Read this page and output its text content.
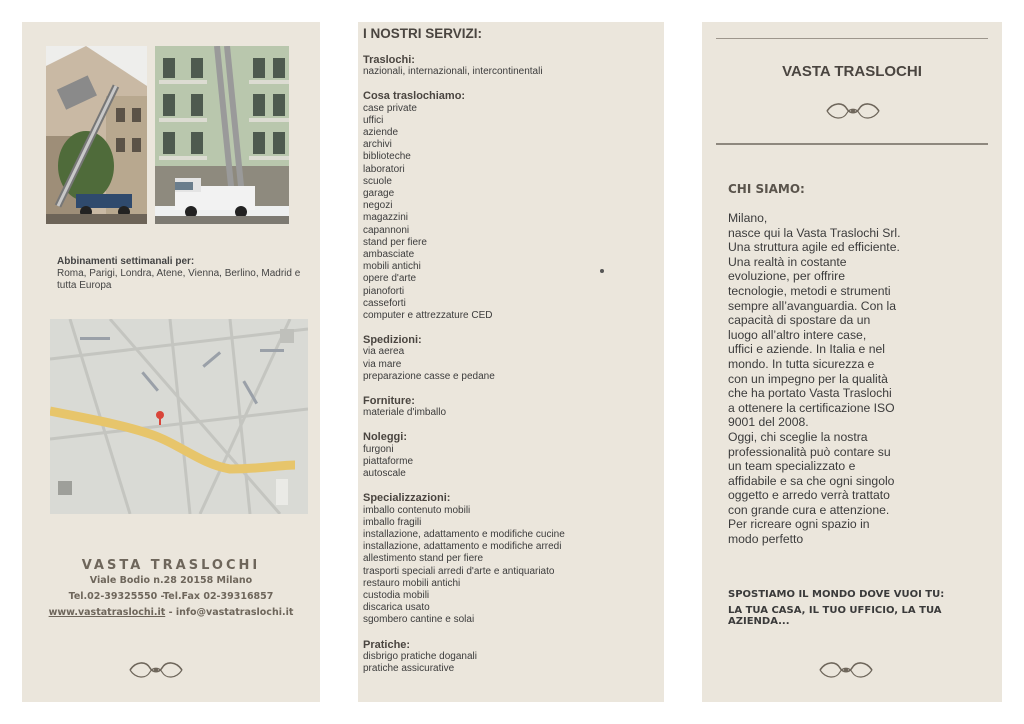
Abbinamenti settimanali per:
Roma, Parigi, Londra, Atene, Vienna, Berlino, Madrid e tutta Europa
VASTA TRASLOCHI
Viale Bodio n.28 20158 Milano
Tel.02-39325550 -Tel.Fax 02-39316857
www.vastatraslochi.it - info@vastatraslochi.it
I NOSTRI SERVIZI:
Traslochi:
nazionali, internazionali, intercontinentali
Cosa traslochiamo:
case private
uffici
aziende
archivi
biblioteche
laboratori
scuole
garage
negozi
magazzini
capannoni
stand per fiere
ambasciate
mobili antichi
opere d'arte
pianoforti
casseforti
computer e attrezzature CED
Spedizioni:
via aerea
via mare
preparazione casse e pedane
Forniture:
materiale d'imballo
Noleggi:
furgoni
piattaforme
autoscale
Specializzazioni:
imballo contenuto mobili
imballo fragili
installazione, adattamento e modifiche cucine
installazione, adattamento e modifiche arredi
allestimento stand per fiere
trasporti speciali arredi d'arte e antiquariato
restauro mobili antichi
custodia mobili
discarica usato
sgombero cantine e solai
Pratiche:
disbrigo pratiche doganali
pratiche assicurative
VASTA TRASLOCHI
CHI SIAMO:
Milano,
nasce qui la Vasta Traslochi Srl.
Una struttura agile ed efficiente.
Una realtà in costante
evoluzione, per offrire
tecnologie, metodi e strumenti
sempre all’avanguardia. Con la
capacità di spostare da un
luogo all’altro intere case,
uffici e aziende. In Italia e nel
mondo. In tutta sicurezza e
con un impegno per la qualità
che ha portato Vasta Traslochi
a ottenere la certificazione ISO
9001 del 2008.
Oggi, chi sceglie la nostra
professionalità può contare su
un team specializzato e
affidabile e sa che ogni singolo
oggetto e arredo verrà trattato
con grande cura e attenzione.
Per ricreare ogni spazio in
modo perfetto
SPOSTIAMO IL MONDO DOVE VUOI TU:
LA TUA CASA, IL TUO UFFICIO, LA TUA AZIENDA...
